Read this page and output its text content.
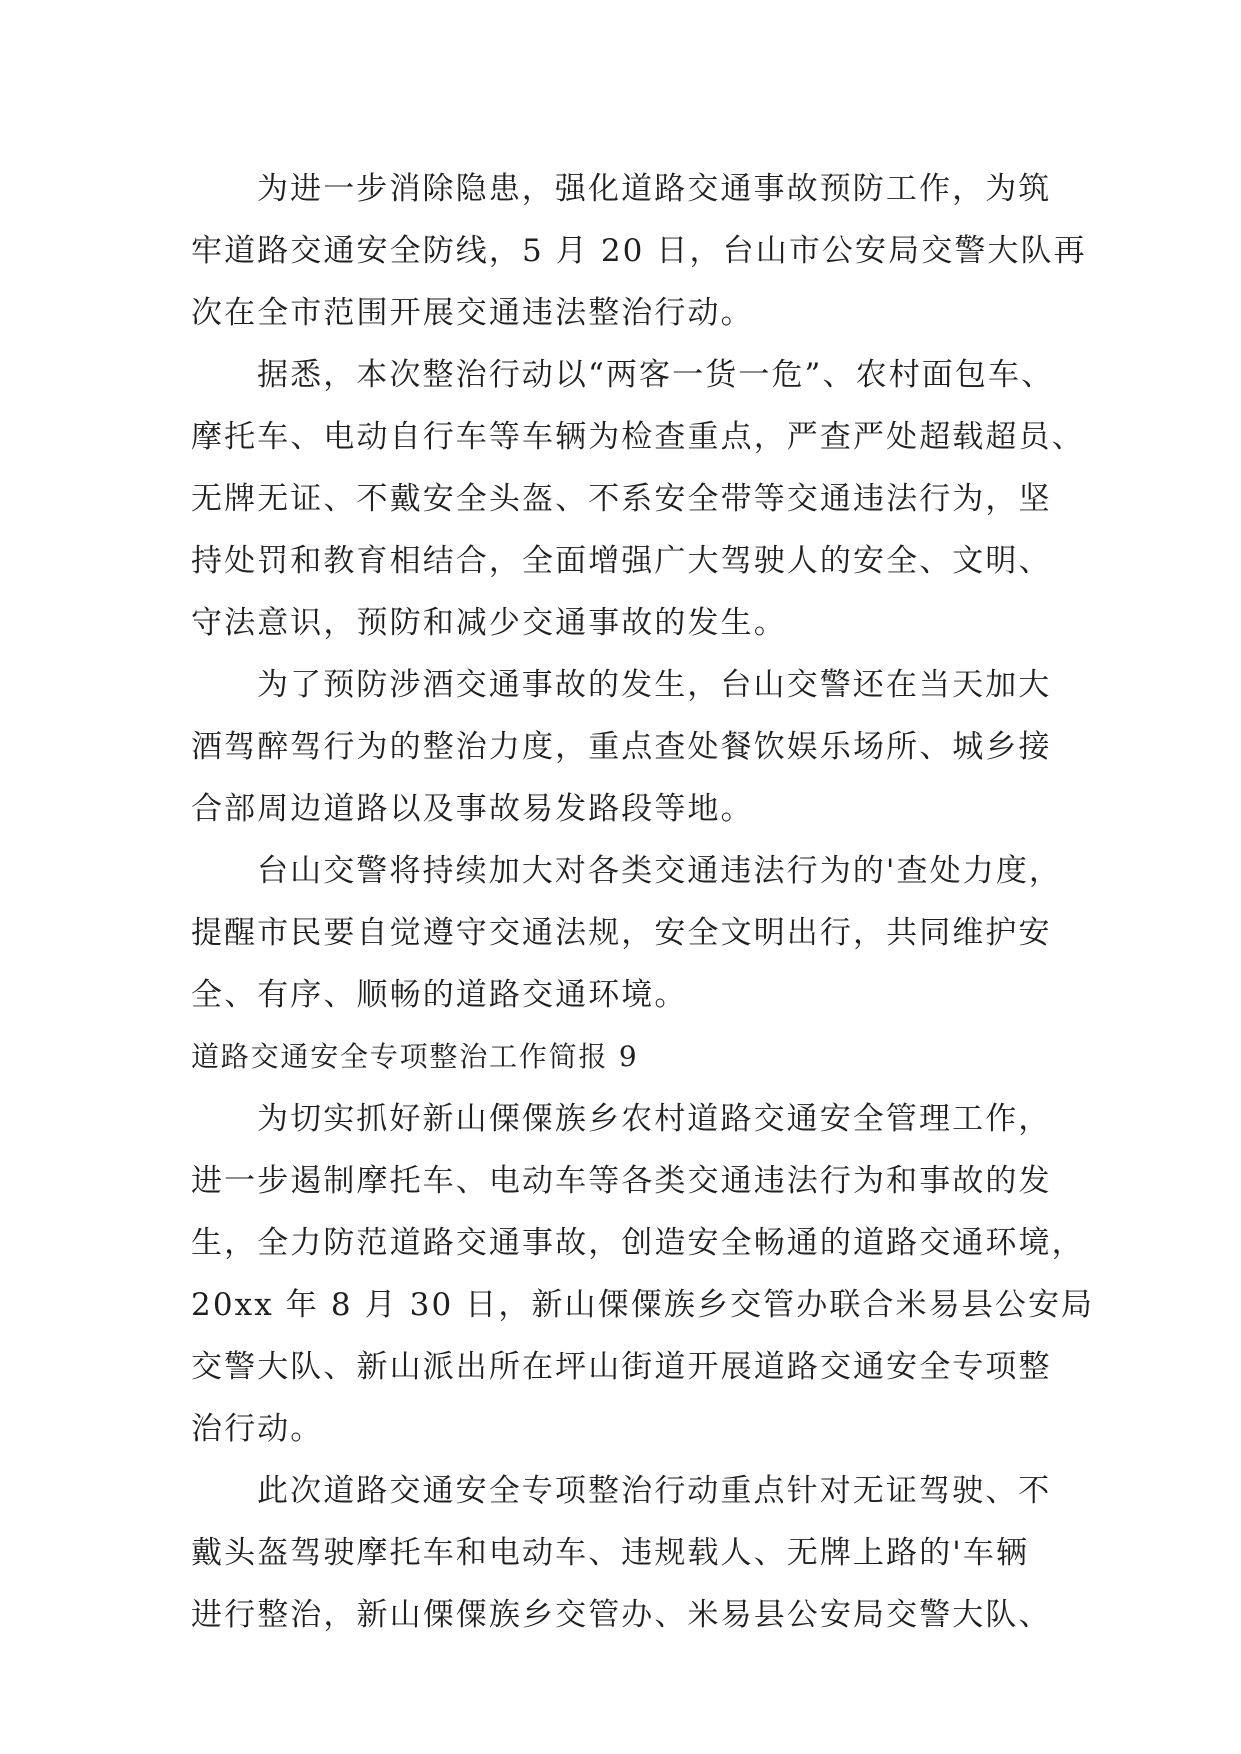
为进一步消除隐患，强化道路交通事故预防工作，为筑
牢道路交通安全防线，5 月 20 日，台山市公安局交警大队再
次在全市范围开展交通违法整治行动。

据悉，本次整治行动以“两客一货一危”、农村面包车、
摩托车、电动自行车等车辆为检查重点，严查严处超载超员、
无牌无证、不戴安全头盔、不系安全带等交通违法行为，坚
持处罚和教育相结合，全面增强广大驾驶人的安全、文明、
守法意识，预防和减少交通事故的发生。

为了预防涉酒交通事故的发生，台山交警还在当天加大
酒驾醉驾行为的整治力度，重点查处餐饮娱乐场所、城乡接
合部周边道路以及事故易发路段等地。

台山交警将持续加大对各类交通违法行为的'查处力度，
提醒市民要自觉遵守交通法规，安全文明出行，共同维护安
全、有序、顺畅的道路交通环境。

道路交通安全专项整治工作简报 9

为切实抓好新山傈僳族乡农村道路交通安全管理工作，
进一步遏制摩托车、电动车等各类交通违法行为和事故的发
生，全力防范道路交通事故，创造安全畅通的道路交通环境，
20xx 年 8 月 30 日，新山傈僳族乡交管办联合米易县公安局
交警大队、新山派出所在坪山街道开展道路交通安全专项整
治行动。

此次道路交通安全专项整治行动重点针对无证驾驶、不
戴头盔驾驶摩托车和电动车、违规载人、无牌上路的'车辆
进行整治，新山傈僳族乡交管办、米易县公安局交警大队、
